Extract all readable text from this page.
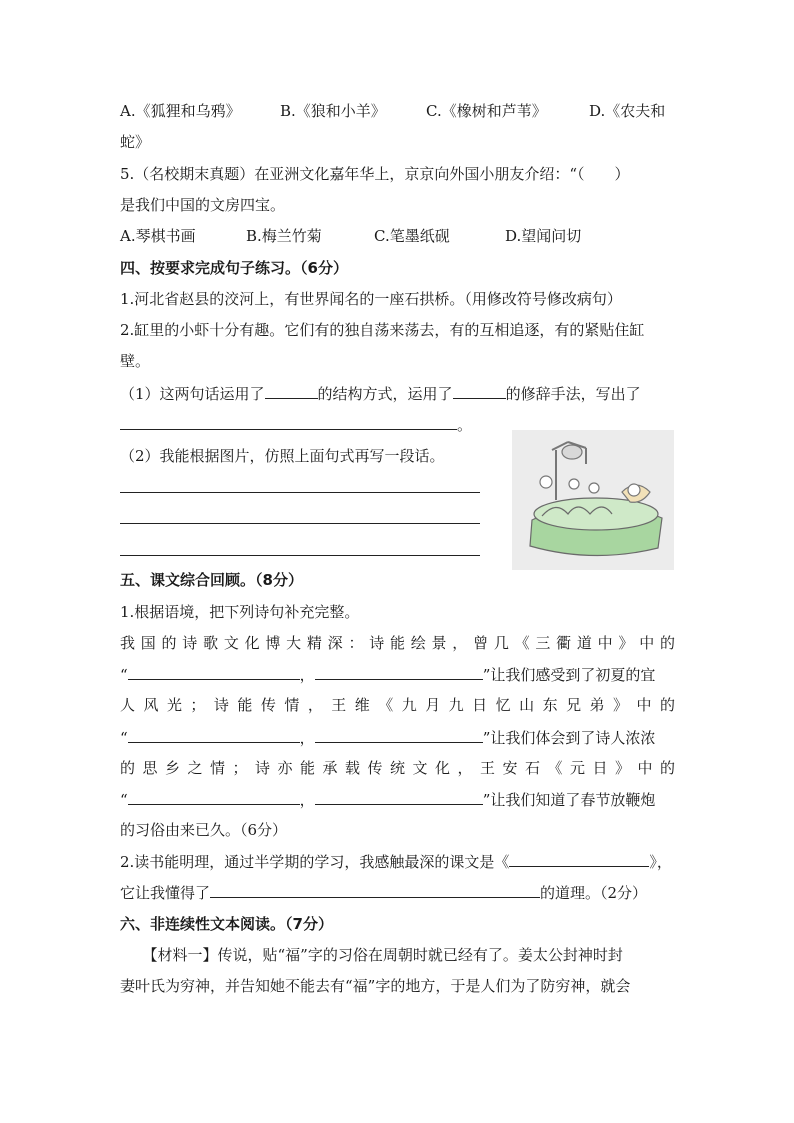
A.《狐狸和乌鸦》	B.《狼和小羊》	C.《橡树和芦苇》	D.《农夫和
蛇》
5.（名校期末真题）在亚洲文化嘉年华上，京京向外国小朋友介绍：“（　　）
是我们中国的文房四宝。
A.琴棋书画	B.梅兰竹菊	C.笔墨纸砚	D.望闻问切
四、按要求完成句子练习。（6分）
1.河北省赵县的洨河上，有世界闻名的一座石拱桥。（用修改符号修改病句）
2.缸里的小虾十分有趣。它们有的独自荡来荡去，有的互相追逐，有的紧贴住缸
壁。
（1）这两句话运用了	的结构方式，运用了	的修辞手法，写出了
。
（2）我能根据图片，仿照上面句式再写一段话。
五、课文综合回顾。（8分）
1.根据语境，把下列诗句补充完整。
我国的诗歌文化博大精深：诗能绘景，曾几《三衢道中》中的
“	，	”让我们感受到了初夏的宜
人风光；诗能传情，王维《九月九日忆山东兄弟》中的
“	，	”让我们体会到了诗人浓浓
的思乡之情；诗亦能承载传统文化，王安石《元日》中的
“	，	”让我们知道了春节放鞭炮
的习俗由来已久。（6分）
2.读书能明理，通过半学期的学习，我感触最深的课文是《	》，
它让我懂得了	的道理。（2分）
六、非连续性文本阅读。（7分）
　　【材料一】传说，贴“福”字的习俗在周朝时就已经有了。姜太公封神时封
妻叶氏为穷神，并告知她不能去有“福”字的地方，于是人们为了防穷神，就会
